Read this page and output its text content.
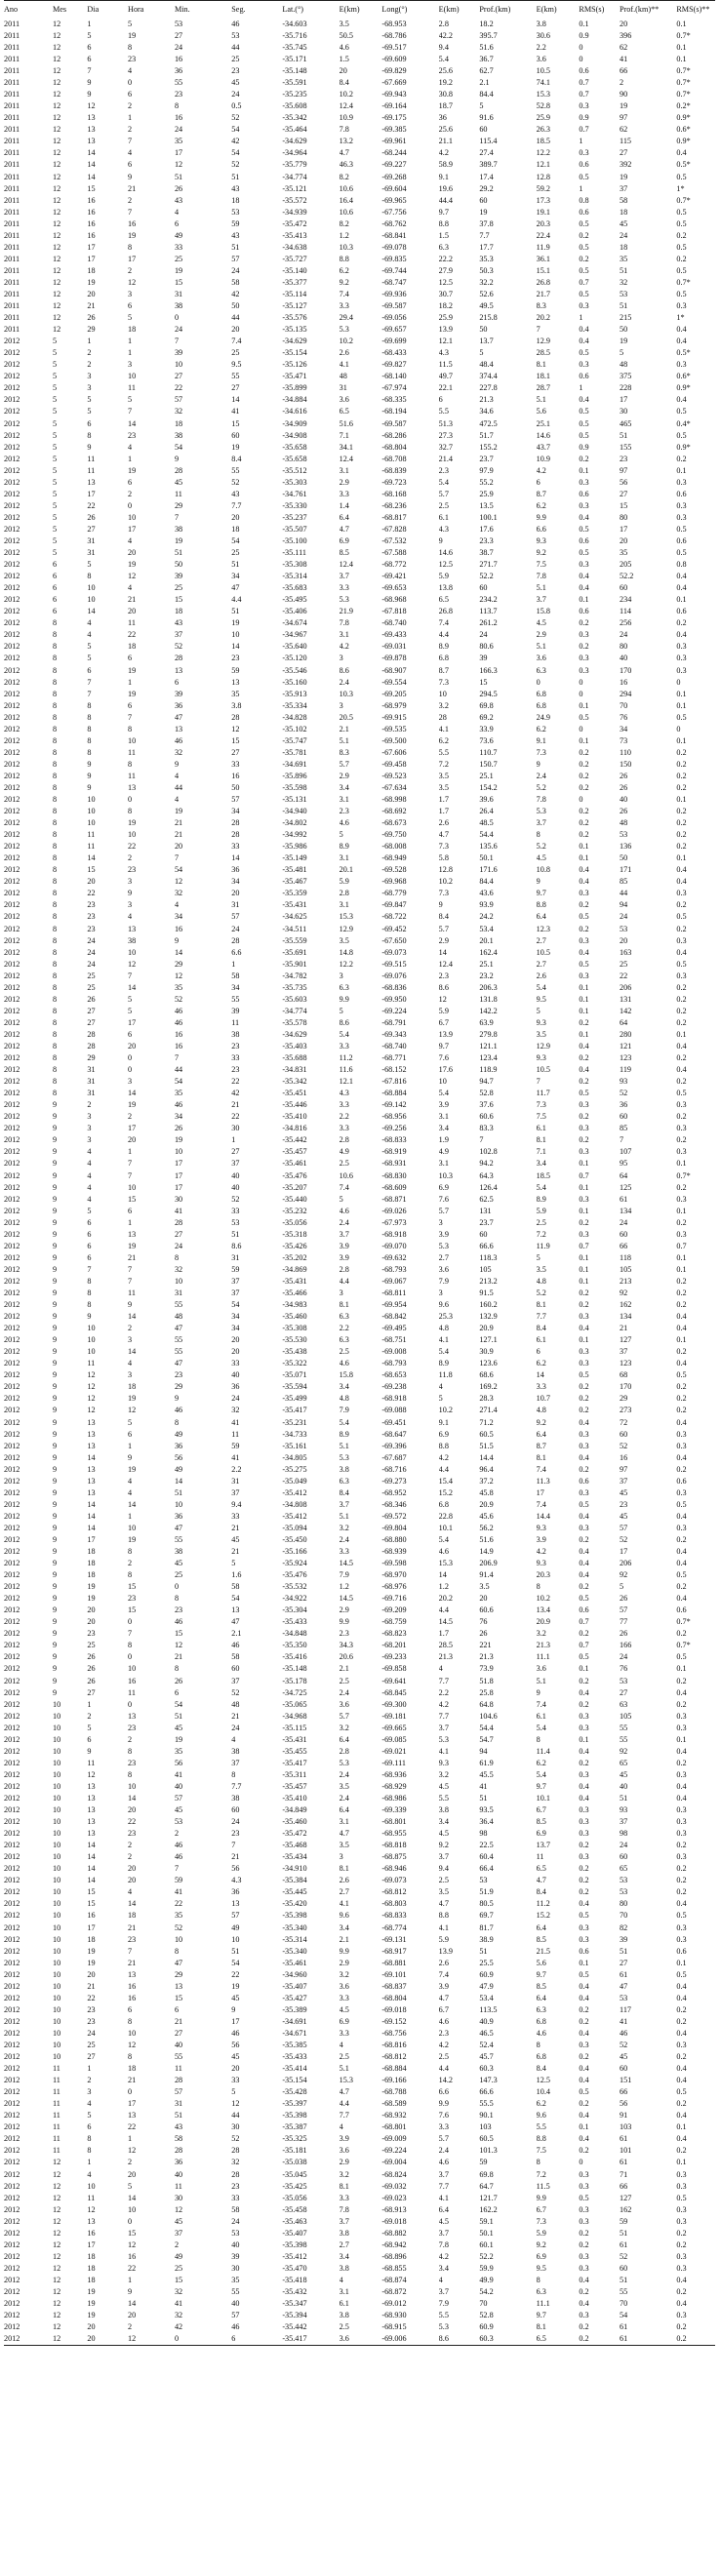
Ano	Mes	Dia	Hora	Min.	Seg.	Lat.(°)	E(km)	Long(°)	E(km)	Prof.(km)	E(km)	RMS(s)	Prof.(km)**	RMS(s)**
2011	12	1	5	53	46	-34.603	3.5	-68.953	2.8	18.2	3.8	0.1	20	0.1
2011	12	5	19	27	53	-35.716	50.5	-68.786	42.2	395.7	30.6	0.9	396	0.7*
2011	12	6	8	24	44	-35.745	4.6	-69.517	9.4	51.6	2.2	0	62	0.1
2011	12	6	23	16	25	-35.171	1.5	-69.609	5.4	36.7	3.6	0	41	0.1
2011	12	7	4	36	23	-35.148	20	-69.829	25.6	62.7	10.5	0.6	66	0.7*
2011	12	9	0	55	45	-35.591	8.4	-67.669	19.2	2.1	74.1	0.7	2	0.7*
2011	12	9	6	23	24	-35.235	10.2	-69.943	30.8	84.4	15.3	0.7	90	0.7*
2011	12	12	2	8	0.5	-35.608	12.4	-69.164	18.7	5	52.8	0.3	19	0.2*
2011	12	13	1	16	52	-35.342	10.9	-69.175	36	91.6	25.9	0.9	97	0.9*
2011	12	13	2	24	54	-35.464	7.8	-69.385	25.6	60	26.3	0.7	62	0.6*
2011	12	13	7	35	42	-34.629	13.2	-69.961	21.1	115.4	18.5	1	115	0.9*
2011	12	14	4	17	54	-34.964	4.7	-68.244	4.2	27.4	12.2	0.3	27	0.4
2011	12	14	6	12	52	-35.779	46.3	-69.227	58.9	389.7	12.1	0.6	392	0.5*
2011	12	14	9	51	51	-34.774	8.2	-69.268	9.1	17.4	12.8	0.5	19	0.5
2011	12	15	21	26	43	-35.121	10.6	-69.604	19.6	29.2	59.2	1	37	1*
2011	12	16	2	43	18	-35.572	16.4	-69.965	44.4	60	17.3	0.8	58	0.7*
2011	12	16	7	4	53	-34.939	10.6	-67.756	9.7	19	19.1	0.6	18	0.5
2011	12	16	16	6	59	-35.472	8.2	-68.762	8.8	37.8	20.3	0.5	45	0.5
2011	12	16	19	49	43	-35.413	1.2	-68.841	1.5	7.7	22.4	0.2	24	0.2
2011	12	17	8	33	51	-34.638	10.3	-69.078	6.3	17.7	11.9	0.5	18	0.5
2011	12	17	17	25	57	-35.727	8.8	-69.835	22.2	35.3	36.1	0.2	35	0.2
2011	12	18	2	19	24	-35.140	6.2	-69.744	27.9	50.3	15.1	0.5	51	0.5
2011	12	19	12	15	58	-35.377	9.2	-68.747	12.5	32.2	26.8	0.7	32	0.7*
2011	12	20	3	31	42	-35.114	7.4	-69.936	30.7	52.6	21.7	0.5	53	0.5
2011	12	21	6	38	50	-35.127	3.3	-69.587	18.2	49.5	8.3	0.3	51	0.3
2011	12	26	5	0	44	-35.576	29.4	-69.056	25.9	215.8	20.2	1	215	1*
2011	12	29	18	24	20	-35.135	5.3	-69.657	13.9	50	7	0.4	50	0.4
2012	5	1	1	7	7.4	-34.629	10.2	-69.699	12.1	13.7	12.9	0.4	19	0.4
2012	5	2	1	39	25	-35.154	2.6	-68.433	4.3	5	28.5	0.5	5	0.5*
2012	5	2	3	10	9.5	-35.126	4.1	-69.827	11.5	48.4	8.1	0.3	48	0.3
2012	5	3	10	27	55	-35.471	48	-68.140	49.7	374.4	18.1	0.6	375	0.6*
2012	5	3	11	22	27	-35.899	31	-67.974	22.1	227.8	28.7	1	228	0.9*
2012	5	5	5	57	14	-34.884	3.6	-68.335	6	21.3	5.1	0.4	17	0.4
2012	5	5	7	32	41	-34.616	6.5	-68.194	5.5	34.6	5.6	0.5	30	0.5
2012	5	6	14	18	15	-34.909	51.6	-69.587	51.3	472.5	25.1	0.5	465	0.4*
2012	5	8	23	38	60	-34.908	7.1	-68.286	27.3	51.7	14.6	0.5	51	0.5
2012	5	9	4	54	19	-35.658	34.1	-68.804	32.7	155.2	43.7	0.9	155	0.9*
2012	5	11	1	9	8.4	-35.658	12.4	-68.708	21.4	23.7	10.9	0.2	23	0.2
2012	5	11	19	28	55	-35.512	3.1	-68.839	2.3	97.9	4.2	0.1	97	0.1
2012	5	13	6	45	52	-35.303	2.9	-69.723	5.4	55.2	6	0.3	56	0.3
2012	5	17	2	11	43	-34.761	3.3	-68.168	5.7	25.9	8.7	0.6	27	0.6
2012	5	22	0	29	7.7	-35.330	1.4	-68.236	2.5	13.5	6.2	0.3	15	0.3
2012	5	26	10	7	20	-35.237	6.4	-68.817	6.1	100.1	9.9	0.4	80	0.3
2012	5	27	17	38	18	-35.507	4.7	-67.828	4.3	17.6	6.6	0.5	17	0.5
2012	5	31	4	19	54	-35.100	6.9	-67.532	9	23.3	9.3	0.6	20	0.6
2012	5	31	20	51	25	-35.111	8.5	-67.588	14.6	38.7	9.2	0.5	35	0.5
2012	6	5	19	50	51	-35.308	12.4	-68.772	12.5	271.7	7.5	0.3	205	0.8
2012	6	8	12	39	34	-35.314	3.7	-69.421	5.9	52.2	7.8	0.4	52.2	0.4
2012	6	10	4	25	47	-35.683	3.3	-69.653	13.8	60	5.1	0.4	60	0.4
2012	6	10	21	15	4.4	-35.495	5.3	-68.968	6.5	234.2	3.7	0.1	234	0.1
2012	6	14	20	18	51	-35.406	21.9	-67.818	26.8	113.7	15.8	0.6	114	0.6
2012	8	4	11	43	19	-34.674	7.8	-68.740	7.4	261.2	4.5	0.2	256	0.2
2012	8	4	22	37	10	-34.967	3.1	-69.433	4.4	24	2.9	0.3	24	0.4
2012	8	5	18	52	14	-35.640	4.2	-69.031	8.9	80.6	5.1	0.2	80	0.3
2012	8	5	6	28	23	-35.120	3	-69.878	6.8	39	3.6	0.3	40	0.3
2012	8	6	19	13	59	-35.546	8.6	-68.907	8.7	166.3	6.3	0.3	170	0.3
2012	8	7	1	6	13	-35.160	2.4	-69.554	7.3	15	0	0	16	0
2012	8	7	19	39	35	-35.913	10.3	-69.205	10	294.5	6.8	0	294	0.1
2012	8	8	6	36	3.8	-35.334	3	-68.979	3.2	69.8	6.8	0.1	70	0.1
2012	8	8	7	47	28	-34.828	20.5	-69.915	28	69.2	24.9	0.5	76	0.5
2012	8	8	8	13	12	-35.102	2.1	-69.535	4.1	33.9	6.2	0	34	0
2012	8	8	10	46	15	-35.747	5.1	-69.500	6.2	73.6	9.1	0.1	73	0.1
2012	8	8	11	32	27	-35.781	8.3	-67.606	5.5	110.7	7.3	0.2	110	0.2
2012	8	9	8	9	33	-34.691	5.7	-69.458	7.2	150.7	9	0.2	150	0.2
2012	8	9	11	4	16	-35.896	2.9	-69.523	3.5	25.1	2.4	0.2	26	0.2
2012	8	9	13	44	50	-35.598	3.4	-67.634	3.5	154.2	5.2	0.2	26	0.2
2012	8	10	0	4	57	-35.131	3.1	-68.998	1.7	39.6	7.8	0	40	0.1
2012	8	10	8	19	34	-34.940	2.3	-68.692	1.7	26.4	5.3	0.2	26	0.2
2012	8	10	19	21	28	-34.802	4.6	-68.673	2.6	48.5	3.7	0.2	48	0.2
2012	8	11	10	21	28	-34.992	5	-69.750	4.7	54.4	8	0.2	53	0.2
2012	8	11	22	20	33	-35.986	8.9	-68.008	7.3	135.6	5.2	0.1	136	0.2
2012	8	14	2	7	14	-35.149	3.1	-68.949	5.8	50.1	4.5	0.1	50	0.1
2012	8	15	23	54	36	-35.481	20.1	-69.528	12.8	171.6	10.8	0.4	171	0.4
2012	8	20	3	12	34	-35.467	5.9	-69.968	10.2	84.4	9	0.4	85	0.4
2012	8	22	9	32	20	-35.359	2.8	-68.779	7.3	43.6	9.7	0.3	44	0.3
2012	8	23	3	4	31	-35.431	3.1	-69.847	9	93.9	8.8	0.2	94	0.2
2012	8	23	4	34	57	-34.625	15.3	-68.722	8.4	24.2	6.4	0.5	24	0.5
2012	8	23	13	16	24	-34.511	12.9	-69.452	5.7	53.4	12.3	0.2	53	0.2
2012	8	24	38	9	28	-35.559	3.5	-67.650	2.9	20.1	2.7	0.3	20	0.3
2012	8	24	10	14	6.6	-35.691	14.8	-69.073	14	162.4	10.5	0.4	163	0.4
2012	8	24	12	29	1	-35.901	12.2	-69.515	12.4	25.1	2.7	0.5	25	0.5
2012	8	25	7	12	58	-34.782	3	-69.076	2.3	23.2	2.6	0.3	22	0.3
2012	8	25	14	35	34	-35.735	6.3	-68.836	8.6	206.3	5.4	0.1	206	0.2
2012	8	26	5	52	55	-35.603	9.9	-69.950	12	131.8	9.5	0.1	131	0.2
2012	8	27	5	46	39	-34.774	5	-69.224	5.9	142.2	5	0.1	142	0.2
2012	8	27	17	46	11	-35.578	8.6	-68.791	6.7	63.9	9.3	0.2	64	0.2
2012	8	28	6	16	38	-34.629	5.4	-69.343	13.9	279.8	3.5	0.1	280	0.1
2012	8	28	20	16	23	-35.403	3.3	-68.740	9.7	121.1	12.9	0.4	121	0.4
2012	8	29	0	7	33	-35.688	11.2	-68.771	7.6	123.4	9.3	0.2	123	0.2
2012	8	31	0	44	23	-34.831	11.6	-68.152	17.6	118.9	10.5	0.4	119	0.4
2012	8	31	3	54	22	-35.342	12.1	-67.816	10	94.7	7	0.2	93	0.2
2012	8	31	14	35	42	-35.451	4.3	-68.884	5.4	52.8	11.7	0.5	52	0.5
2012	9	2	19	46	21	-35.446	3.3	-69.142	3.9	37.6	7.3	0.3	36	0.3
2012	9	3	2	34	22	-35.410	2.2	-68.956	3.1	60.6	7.5	0.2	60	0.2
2012	9	3	17	26	30	-34.816	3.3	-69.256	3.4	83.3	6.1	0.3	85	0.3
2012	9	3	20	19	1	-35.442	2.8	-68.833	1.9	7	8.1	0.2	7	0.2
2012	9	4	1	10	27	-35.457	4.9	-68.919	4.9	102.8	7.1	0.3	107	0.3
2012	9	4	7	17	37	-35.461	2.5	-68.931	3.1	94.2	3.4	0.1	95	0.1
2012	9	4	7	17	40	-35.476	10.6	-68.830	10.3	64.3	18.5	0.7	64	0.7*
2012	9	4	10	17	40	-35.207	7.4	-68.609	6.9	126.4	5.4	0.1	125	0.2
2012	9	4	15	30	52	-35.440	5	-68.871	7.6	62.5	8.9	0.3	61	0.3
2012	9	5	6	41	33	-35.232	4.6	-69.026	5.7	131	5.9	0.1	134	0.1
2012	9	6	1	28	53	-35.056	2.4	-67.973	3	23.7	2.5	0.2	24	0.2
2012	9	6	13	27	51	-35.318	3.7	-68.918	3.9	60	7.2	0.3	60	0.3
2012	9	6	19	24	8.6	-35.426	3.9	-69.070	5.3	66.6	11.9	0.7	66	0.7
2012	9	6	21	8	31	-35.202	3.9	-69.632	2.7	118.3	5	0.1	118	0.1
2012	9	7	7	32	59	-34.869	2.8	-68.793	3.6	105	3.5	0.1	105	0.1
2012	9	8	7	10	37	-35.431	4.4	-69.067	7.9	213.2	4.8	0.1	213	0.2
2012	9	8	11	31	37	-35.466	3	-68.811	3	91.5	5.2	0.2	92	0.2
2012	9	8	9	55	54	-34.983	8.1	-69.954	9.6	160.2	8.1	0.2	162	0.2
2012	9	9	14	48	34	-35.460	6.3	-68.842	25.3	132.9	7.7	0.3	134	0.4
2012	9	10	2	47	34	-35.308	2.2	-69.495	4.8	20.9	8.4	0.4	21	0.4
2012	9	10	3	55	20	-35.530	6.3	-68.751	4.1	127.1	6.1	0.1	127	0.1
2012	9	10	14	55	20	-35.438	2.5	-69.008	5.4	30.9	6	0.3	37	0.2
2012	9	11	4	47	33	-35.322	4.6	-68.793	8.9	123.6	6.2	0.3	123	0.4
2012	9	12	3	23	40	-35.071	15.8	-68.653	11.8	68.6	14	0.5	68	0.5
2012	9	12	18	29	36	-35.594	3.4	-69.238	4	169.2	3.3	0.2	170	0.2
2012	9	12	19	9	24	-35.499	4.8	-68.918	5	28.3	10.7	0.2	29	0.2
2012	9	12	12	46	32	-35.417	7.9	-69.088	10.2	271.4	4.8	0.2	273	0.2
2012	9	13	5	8	41	-35.231	5.4	-69.451	9.1	71.2	9.2	0.4	72	0.4
2012	9	13	6	49	11	-34.733	8.9	-68.647	6.9	60.5	6.4	0.3	60	0.3
2012	9	13	1	36	59	-35.161	5.1	-69.396	8.8	51.5	8.7	0.3	52	0.3
2012	9	14	9	56	41	-34.805	5.3	-67.687	4.2	14.4	8.1	0.4	16	0.4
2012	9	13	19	49	2.2	-35.275	3.8	-68.716	4.4	96.4	7.4	0.2	97	0.2
2012	9	13	4	14	31	-35.049	6.3	-69.273	15.4	37.2	11.3	0.6	37	0.6
2012	9	13	4	51	37	-35.412	8.4	-68.952	15.2	45.8	17	0.3	45	0.3
2012	9	14	14	10	9.4	-34.808	3.7	-68.346	6.8	20.9	7.4	0.5	23	0.5
2012	9	14	1	36	33	-35.412	5.1	-69.572	22.8	45.6	14.4	0.4	45	0.4
2012	9	14	10	47	21	-35.094	3.2	-69.804	10.1	56.2	9.3	0.3	57	0.3
2012	9	17	19	55	45	-35.450	2.4	-68.880	5.4	51.6	3.9	0.2	52	0.2
2012	9	18	8	38	21	-35.166	3.3	-68.939	4.6	14.9	4.2	0.4	17	0.4
2012	9	18	2	45	5	-35.924	14.5	-69.598	15.3	206.9	9.3	0.4	206	0.4
2012	9	18	8	25	1.6	-35.476	7.9	-68.970	14	91.4	20.3	0.4	92	0.5
2012	9	19	15	0	58	-35.532	1.2	-68.976	1.2	3.5	8	0.2	5	0.2
2012	9	19	23	8	54	-34.922	14.5	-69.716	20.2	20	10.2	0.5	26	0.4
2012	9	20	15	23	13	-35.304	2.9	-69.209	4.4	60.6	13.4	0.6	57	0.6
2012	9	20	0	46	47	-35.433	9.9	-68.759	14.5	76	20.9	0.7	77	0.7*
2012	9	23	7	15	2.1	-34.848	2.3	-68.823	1.7	26	3.2	0.2	26	0.2
2012	9	25	8	12	46	-35.350	34.3	-68.201	28.5	221	21.3	0.7	166	0.7*
2012	9	26	0	21	58	-35.416	20.6	-69.233	21.3	21.3	11.1	0.5	24	0.5
2012	9	26	10	8	60	-35.148	2.1	-69.858	4	73.9	3.6	0.1	76	0.1
2012	9	26	16	26	37	-35.178	2.5	-69.641	7.7	51.8	5.1	0.2	53	0.2
2012	9	27	11	6	52	-34.725	2.4	-68.845	2.2	25.8	9	0.4	27	0.4
2012	10	1	0	54	48	-35.065	3.6	-69.300	4.2	64.8	7.4	0.2	63	0.2
2012	10	2	13	51	21	-34.968	5.7	-69.181	7.7	104.6	6.1	0.3	105	0.3
2012	10	5	23	45	24	-35.115	3.2	-69.665	3.7	54.4	5.4	0.3	55	0.3
2012	10	6	2	19	4	-35.431	6.4	-69.085	5.3	54.7	8	0.1	55	0.1
2012	10	9	8	35	38	-35.455	2.8	-69.021	4.1	94	11.4	0.4	92	0.4
2012	10	11	23	56	37	-35.417	5.3	-69.111	9.3	61.9	6.2	0.2	65	0.2
2012	10	12	8	41	8	-35.311	2.4	-68.936	3.2	45.5	5.4	0.3	45	0.3
2012	10	13	10	40	7.7	-35.457	3.5	-68.929	4.5	41	9.7	0.4	40	0.4
2012	10	13	14	57	38	-35.410	2.4	-68.986	5.5	51	10.1	0.4	51	0.4
2012	10	13	20	45	60	-34.849	6.4	-69.339	3.8	93.5	6.7	0.3	93	0.3
2012	10	13	22	53	24	-35.460	3.1	-68.801	3.4	36.4	8.5	0.3	37	0.3
2012	10	13	23	2	23	-35.472	4.7	-68.955	4.5	98	6.9	0.3	98	0.3
2012	10	14	2	46	7	-35.468	3.5	-68.818	9.2	22.5	13.7	0.2	24	0.2
2012	10	14	2	46	21	-35.434	3	-68.875	3.7	60.4	11	0.3	60	0.3
2012	10	14	20	7	56	-34.910	8.1	-68.946	9.4	66.4	6.5	0.2	65	0.2
2012	10	14	20	59	4.3	-35.384	2.6	-69.073	2.5	53	4.7	0.2	53	0.2
2012	10	15	4	41	36	-35.445	2.7	-68.812	3.5	51.9	8.4	0.2	53	0.2
2012	10	15	14	22	13	-35.420	4.1	-68.803	4.7	80.5	11.2	0.4	80	0.4
2012	10	16	18	35	57	-35.398	9.6	-68.833	8.8	69.7	15.2	0.5	70	0.5
2012	10	17	21	52	49	-35.340	3.4	-68.774	4.1	81.7	6.4	0.3	82	0.3
2012	10	18	23	10	10	-35.314	2.1	-69.131	5.9	38.9	8.5	0.3	39	0.3
2012	10	19	7	8	51	-35.340	9.9	-68.917	13.9	51	21.5	0.6	51	0.6
2012	10	19	21	47	54	-35.461	2.9	-68.881	2.6	25.5	5.6	0.1	27	0.1
2012	10	20	13	29	22	-34.960	3.2	-69.101	7.4	60.9	9.7	0.5	61	0.5
2012	10	21	16	13	19	-35.407	3.6	-68.837	3.9	47.9	8.5	0.4	47	0.4
2012	10	22	16	15	45	-35.427	3.3	-68.804	4.7	53.4	6.4	0.4	53	0.4
2012	10	23	6	6	9	-35.389	4.5	-69.018	6.7	113.5	6.3	0.2	117	0.2
2012	10	23	8	21	17	-34.691	6.9	-69.152	4.6	40.9	6.8	0.2	41	0.2
2012	10	24	10	27	46	-34.671	3.3	-68.756	2.3	46.5	4.6	0.4	46	0.4
2012	10	25	12	40	56	-35.385	4	-68.816	4.2	52.4	8	0.3	52	0.3
2012	10	27	8	55	45	-35.433	2.5	-68.812	2.5	45.7	6.8	0.2	45	0.2
2012	11	1	18	11	20	-35.414	5.1	-68.884	4.4	60.3	8.4	0.4	60	0.4
2012	11	2	21	28	33	-35.154	15.3	-69.166	14.2	147.3	12.5	0.4	151	0.4
2012	11	3	0	57	5	-35.428	4.7	-68.788	6.6	66.6	10.4	0.5	66	0.5
2012	11	4	17	31	12	-35.397	4.4	-68.589	9.9	55.5	6.2	0.2	56	0.2
2012	11	5	13	51	44	-35.398	7.7	-68.932	7.6	90.1	9.6	0.4	91	0.4
2012	11	6	22	43	30	-35.387	4	-68.801	3.3	103	5.5	0.1	103	0.1
2012	11	8	1	58	52	-35.325	3.9	-69.009	5.7	60.5	8.8	0.4	61	0.4
2012	11	8	12	28	28	-35.181	3.6	-69.224	2.4	101.3	7.5	0.2	101	0.2
2012	12	1	2	36	32	-35.038	2.9	-69.004	4.6	59	8	0	61	0.1
2012	12	4	20	40	28	-35.045	3.2	-68.824	3.7	69.8	7.2	0.3	71	0.3
2012	12	10	5	11	23	-35.425	8.1	-69.032	7.7	64.7	11.5	0.3	66	0.3
2012	12	11	14	30	33	-35.056	3.3	-69.023	4.1	121.7	9.9	0.5	127	0.5
2012	12	12	10	12	58	-35.458	7.8	-68.913	6.4	162.2	6.7	0.3	162	0.3
2012	12	13	0	45	24	-35.463	3.7	-69.018	4.5	59.1	7.3	0.3	59	0.3
2012	12	16	15	37	53	-35.407	3.8	-68.882	3.7	50.1	5.9	0.2	51	0.2
2012	12	17	12	2	40	-35.398	2.7	-68.942	7.8	60.1	9.2	0.2	61	0.2
2012	12	18	16	49	39	-35.412	3.4	-68.896	4.2	52.2	6.9	0.3	52	0.3
2012	12	18	22	25	30	-35.470	3.8	-68.855	3.4	59.9	9.5	0.3	60	0.3
2012	12	18	1	15	35	-35.418	4	-68.874	4	49.9	8	0.4	51	0.4
2012	12	19	9	32	55	-35.432	3.1	-68.872	3.7	54.2	6.3	0.2	55	0.2
2012	12	19	14	41	40	-35.347	6.1	-69.012	7.9	70	11.1	0.4	70	0.4
2012	12	19	20	32	57	-35.394	3.8	-68.930	5.5	52.8	9.7	0.3	54	0.3
2012	12	20	2	42	46	-35.442	2.5	-68.915	5.3	60.9	8.1	0.2	61	0.2
2012	12	20	12	0	6	-35.417	3.6	-69.006	8.6	60.3	6.5	0.2	61	0.2
